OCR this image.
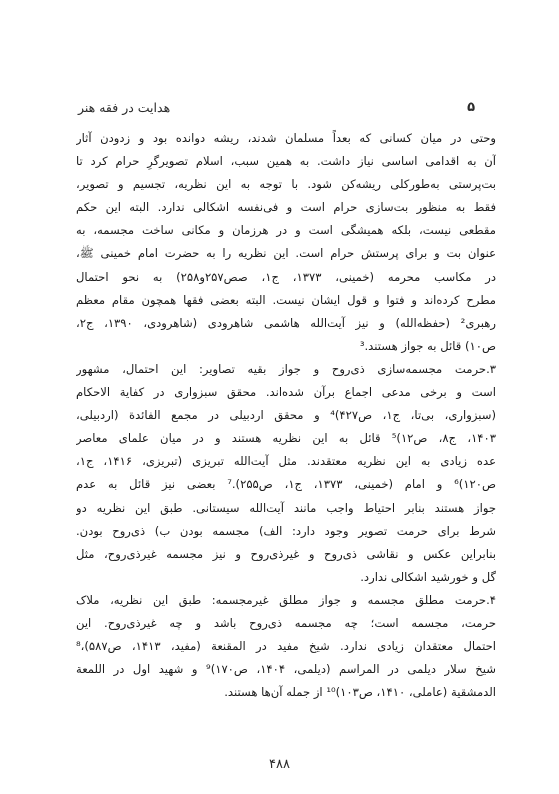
۵
هدایت در فقه هنر
وحتی در میان کسانی که بعداً مسلمان شدند، ریشه دوانده بود و زدودن آثار
آن به اقدامی اساسی نیاز داشت. به همین سبب، اسلام تصویرگرِ حرام کرد تا
بت‌پرستی به‌طورکلی ریشه‌کن شود. با توجه به این نظریه، تجسیم و تصویر،
فقط به منظور بت‌سازی حرام است و فی‌نفسه اشکالی ندارد. البته این حکم
مقطعی نیست، بلکه همیشگی است و در هرزمان و مکانی ساخت مجسمه، به
عنوان بت و برای پرستش حرام است. این نظریه را به حضرت امام خمینی ﷺ،
در مکاسب محرمه (خمینی، ۱۳۷۳، ج۱، صص۲۵۷و۲۵۸) به نحو احتمال
مطرح کرده‌اند و فتوا و قول ایشان نیست. البته بعضی فقها همچون مقام معظم
رهبری² (حفظه‌الله) و نیز آیت‌الله هاشمی شاهرودی (شاهرودی، ۱۳۹۰، ج۲،
ص۱۰) قائل به جواز هستند.³
۳.حرمت مجسمه‌سازی ذی‌روح و جواز بقیه تصاویر: این احتمال، مشهور
است و برخی مدعی اجماع برآن شده‌اند. محقق سبزواری در کفایة الاحکام
(سبزواری، بی‌تا، ج۱، ص۴۲۷)⁴ و محقق اردبیلی در مجمع الفائدة (اردبیلی،
۱۴۰۳، ج۸، ص۱۲)⁵ قائل به این نظریه هستند و در میان علمای معاصر
عده زیادی به این نظریه معتقدند. مثل آیت‌الله تبریزی (تبریزی، ۱۴۱۶، ج۱،
ص۱۲۰)⁶ و امام (خمینی، ۱۳۷۳، ج۱، ص۲۵۵).⁷ بعضی نیز قائل به عدم
جواز هستند بنابر احتیاط واجب مانند آیت‌الله سیستانی. طبق این نظریه دو
شرط برای حرمت تصویر وجود دارد: الف) مجسمه بودن ب) ذی‌روح بودن.
بنابراین عکس و نقاشی ذی‌روح و غیرذی‌روح و نیز مجسمه غیرذی‌روح، مثل
گل و خورشید اشکالی ندارد.
۴.حرمت مطلق مجسمه و جواز مطلق غیرمجسمه: طبق این نظریه، ملاک
حرمت، مجسمه است؛ چه مجسمه ذی‌روح باشد و چه غیرذی‌روح. این
احتمال معتقدان زیادی ندارد. شیخ مفید در المقنعة (مفید، ۱۴۱۳، ص۵۸۷)،⁸
شیخ سلار دیلمی در المراسم (دیلمی، ۱۴۰۴، ص۱۷۰)⁹ و شهید اول در اللمعة
الدمشقیة (عاملی، ۱۴۱۰، ص۱۰۳)¹⁰ از جمله آن‌ها هستند.
۴۸۸
